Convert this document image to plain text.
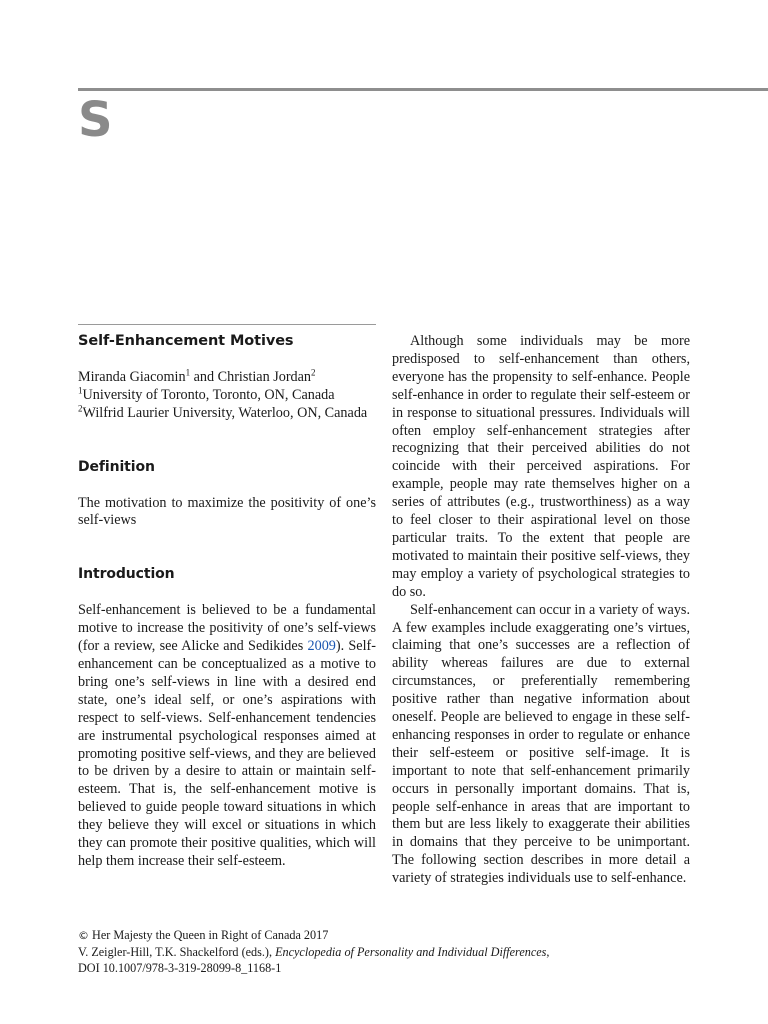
S
Self-Enhancement Motives

Miranda Giacomin$^1$ and Christian Jordan$^2$

$^1$University of Toronto, Toronto, ON, Canada

$^2$Wilfrid Laurier University, Waterloo, ON, Canada

Definition

The motivation to maximize the positivity of one’s self-views

Introduction

Self-enhancement is believed to be a fundamental motive to increase the positivity of one’s self-views (for a review, see Alicke and Sedikides 2009). Self-enhancement can be conceptualized as a motive to bring one’s self-views in line with a desired end state, one’s ideal self, or one’s aspirations with respect to self-views. Self-enhancement tendencies are instrumental psychological responses aimed at promoting positive self-views, and they are believed to be driven by a desire to attain or maintain self-esteem. That is, the self-enhancement motive is believed to guide people toward situations in which they believe they will excel or situations in which they can promote their positive qualities, which will help them increase their self-esteem.

Although some individuals may be more predisposed to self-enhancement than others, everyone has the propensity to self-enhance. People self-enhance in order to regulate their self-esteem or in response to situational pressures. Individuals will often employ self-enhancement strategies after recognizing that their perceived abilities do not coincide with their perceived aspirations. For example, people may rate themselves higher on a series of attributes (e.g., trustworthiness) as a way to feel closer to their aspirational level on those particular traits. To the extent that people are motivated to maintain their positive self-views, they may employ a variety of psychological strategies to do so.

Self-enhancement can occur in a variety of ways. A few examples include exaggerating one’s virtues, claiming that one’s successes are a reflection of ability whereas failures are due to external circumstances, or preferentially remembering positive rather than negative information about oneself. People are believed to engage in these self-enhancing responses in order to regulate or enhance their self-esteem or positive self-image. It is important to note that self-enhancement primarily occurs in personally important domains. That is, people self-enhance in areas that are important to them but are less likely to exaggerate their abilities in domains that they perceive to be unimportant. The following section describes in more detail a variety of strategies individuals use to self-enhance.

© Her Majesty the Queen in Right of Canada 2017

V. Zeigler-Hill, T.K. Shackelford (eds.), Encyclopedia of Personality and Individual Differences,

DOI 10.1007/978-3-319-28099-8_1168-1
